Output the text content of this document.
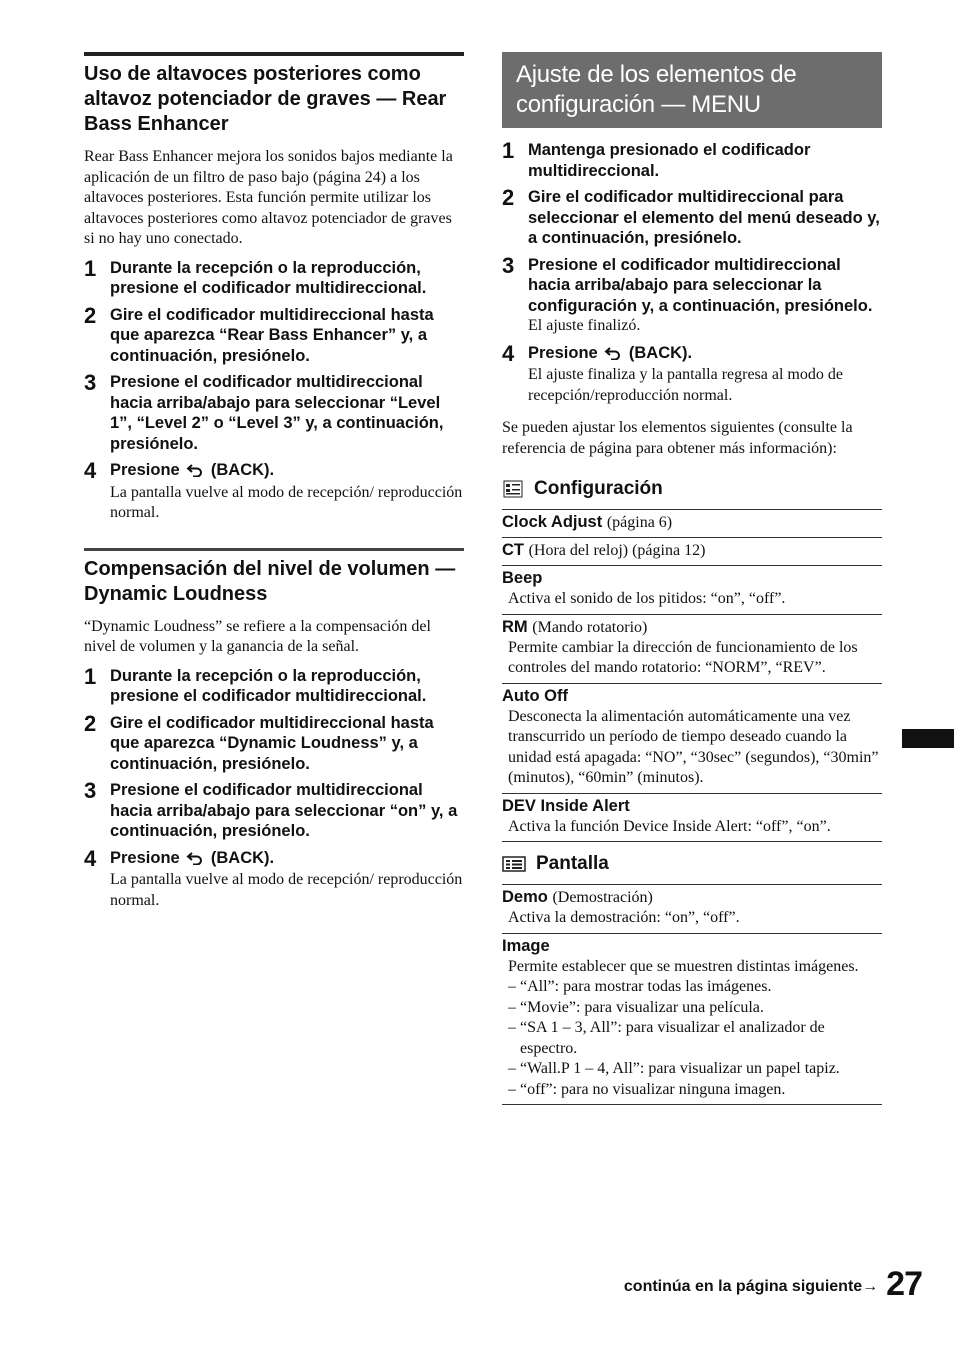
Uso de altavoces posteriores como altavoz potenciador de graves — Rear Bass Enhancer

Rear Bass Enhancer mejora los sonidos bajos mediante la aplicación de un filtro de paso bajo (página 24) a los altavoces posteriores. Esta función permite utilizar los altavoces posteriores como altavoz potenciador de graves si no hay uno conectado.

1 Durante la recepción o la reproducción, presione el codificador multidireccional.
2 Gire el codificador multidireccional hasta que aparezca “Rear Bass Enhancer” y, a continuación, presiónelo.
3 Presione el codificador multidireccional hacia arriba/abajo para seleccionar “Level 1”, “Level 2” o “Level 3” y, a continuación, presiónelo.
4 Presione (BACK).
La pantalla vuelve al modo de recepción/ reproducción normal.
Compensación del nivel de volumen — Dynamic Loudness

“Dynamic Loudness” se refiere a la compensación del nivel de volumen y la ganancia de la señal.

1 Durante la recepción o la reproducción, presione el codificador multidireccional.
2 Gire el codificador multidireccional hasta que aparezca “Dynamic Loudness” y, a continuación, presiónelo.
3 Presione el codificador multidireccional hacia arriba/abajo para seleccionar “on” y, a continuación, presiónelo.
4 Presione (BACK).
La pantalla vuelve al modo de recepción/ reproducción normal.
Ajuste de los elementos de configuración — MENU
1 Mantenga presionado el codificador multidireccional.
2 Gire el codificador multidireccional para seleccionar el elemento del menú deseado y, a continuación, presiónelo.
3 Presione el codificador multidireccional hacia arriba/abajo para seleccionar la configuración y, a continuación, presiónelo.
El ajuste finalizó.
4 Presione (BACK).
El ajuste finaliza y la pantalla regresa al modo de recepción/reproducción normal.

Se pueden ajustar los elementos siguientes (consulte la referencia de página para obtener más información):

Configuración
Clock Adjust (página 6)
CT (Hora del reloj) (página 12)
Beep
Activa el sonido de los pitidos: “on”, “off”.
RM (Mando rotatorio)
Permite cambiar la dirección de funcionamiento de los controles del mando rotatorio: “NORM”, “REV”.
Auto Off
Desconecta la alimentación automáticamente una vez transcurrido un período de tiempo deseado cuando la unidad está apagada: “NO”, “30sec” (segundos), “30min” (minutos), “60min” (minutos).
DEV Inside Alert
Activa la función Device Inside Alert: “off”, “on”.
Pantalla
Demo (Demostración)
Activa la demostración: “on”, “off”.
Image
Permite establecer que se muestren distintas imágenes.
– “All”: para mostrar todas las imágenes.
– “Movie”: para visualizar una película.
– “SA 1 – 3, All”: para visualizar el analizador de espectro.
– “Wall.P 1 – 4, All”: para visualizar un papel tapiz.
– “off”: para no visualizar ninguna imagen.
continúa en la página siguiente→ 27
